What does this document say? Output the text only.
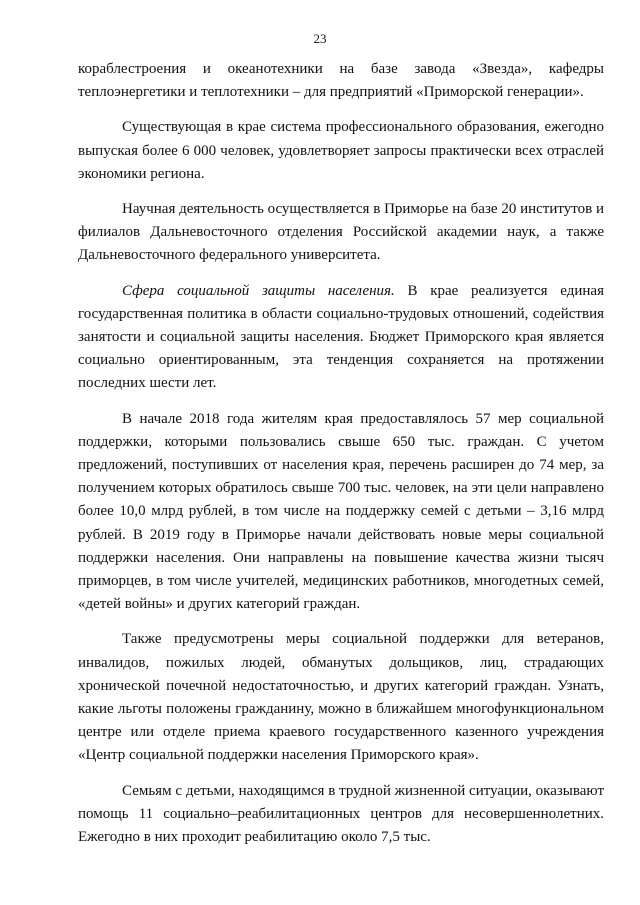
23

кораблестроения и океанотехники на базе завода «Звезда», кафедры теплоэнергетики и теплотехники – для предприятий «Приморской генерации».

Существующая в крае система профессионального образования, ежегодно выпуская более 6 000 человек, удовлетворяет запросы практически всех отраслей экономики региона.

Научная деятельность осуществляется в Приморье на базе 20 институтов и филиалов Дальневосточного отделения Российской академии наук, а также Дальневосточного федерального университета.

Сфера социальной защиты населения. В крае реализуется единая государственная политика в области социально-трудовых отношений, содействия занятости и социальной защиты населения. Бюджет Приморского края является социально ориентированным, эта тенденция сохраняется на протяжении последних шести лет.

В начале 2018 года жителям края предоставлялось 57 мер социальной поддержки, которыми пользовались свыше 650 тыс. граждан. С учетом предложений, поступивших от населения края, перечень расширен до 74 мер, за получением которых обратилось свыше 700 тыс. человек, на эти цели направлено более 10,0 млрд рублей, в том числе на поддержку семей с детьми – 3,16 млрд рублей. В 2019 году в Приморье начали действовать новые меры социальной поддержки населения. Они направлены на повышение качества жизни тысяч приморцев, в том числе учителей, медицинских работников, многодетных семей, «детей войны» и других категорий граждан.

Также предусмотрены меры социальной поддержки для ветеранов, инвалидов, пожилых людей, обманутых дольщиков, лиц, страдающих хронической почечной недостаточностью, и других категорий граждан. Узнать, какие льготы положены гражданину, можно в ближайшем многофункциональном центре или отделе приема краевого государственного казенного учреждения «Центр социальной поддержки населения Приморского края».

Семьям с детьми, находящимся в трудной жизненной ситуации, оказывают помощь 11 социально–реабилитационных центров для несовершеннолетних. Ежегодно в них проходит реабилитацию около 7,5 тыс.
